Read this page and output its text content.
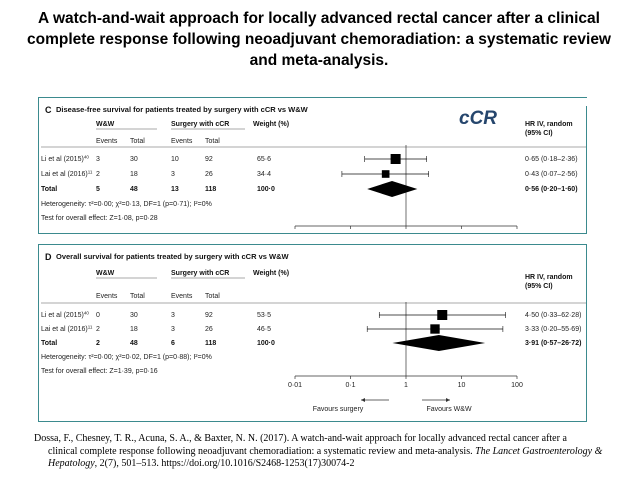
A watch-and-wait approach for locally advanced rectal cancer after a clinical complete response following neoadjuvant chemoradiation: a systematic review and meta-analysis.
C Disease-free survival for patients treated by surgery with cCR vs W&W	cCR
W&W	Surgery with cCR	Weight (%)	HR IV, random
(95% CI)
Events Total	Events Total
Li et al $(2015)^{40}$ 3	30	10	92	65·6	0·65 (0·18–2·36)
Lai et al $(2016)^{11}$ 2	18	3	26	34·4	0·43 (0·07–2·56)
Total	5	48	13	118	100·0	0·56 (0·20–1·60)
Heterogeneity: τ²=0·00; χ²=0·13, DF=1 (p=0·71); I²=0%
Test for overall effect: Z=1·08, p=0·28
D Overall survival for patients treated by surgery with cCR vs W&W
W&W	Surgery with cCR	Weight (%)
HR IV, random
(95% CI)
Events Total	Events Total
Li et al $(2015)^{40}$ 0	30	3	92	53·5	4·50 (0·33–62·28)
Lai et al $(2016)^{11}$ 2	18	3	26	46·5	3·33 (0·20–55·69)
Total	2	48	6	118	100·0	3·91 (0·57–26·72)
Heterogeneity: τ²=0·00; χ²=0·02, DF=1 (p=0·88); I²=0%
Test for overall effect: Z=1·39, p=0·16
0·01	0·1	1	10	100
Favours surgery	Favours W&W
Dossa, F., Chesney, T. R., Acuna, S. A., & Baxter, N. N. (2017). A watch-and-wait approach for locally advanced rectal cancer after a
clinical complete response following neoadjuvant chemoradiation: a systematic review and meta-analysis. The Lancet Gastroenterology & Hepatology, 2(7), 501–513. https://doi.org/10.1016/S2468-1253(17)30074-2
